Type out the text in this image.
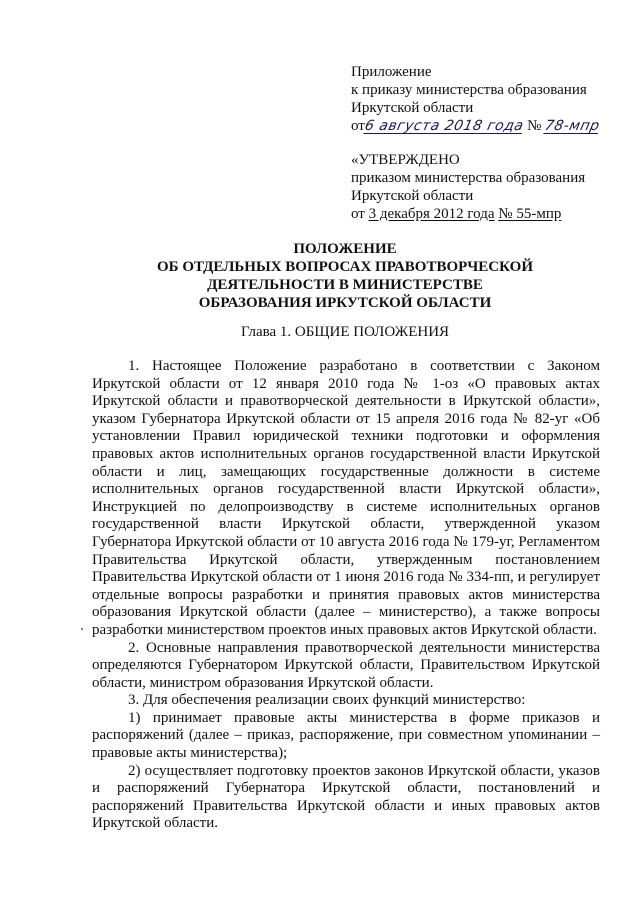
Приложение
к приказу министерства образования
Иркутской области
от6 августа 2018 года № 78-мпр
«УТВЕРЖДЕНО
приказом министерства образования
Иркутской области
от 3 декабря 2012 года № 55-мпр
ПОЛОЖЕНИЕ
ОБ ОТДЕЛЬНЫХ ВОПРОСАХ ПРАВОТВОРЧЕСКОЙ
ДЕЯТЕЛЬНОСТИ В МИНИСТЕРСТВЕ
ОБРАЗОВАНИЯ ИРКУТСКОЙ ОБЛАСТИ
Глава 1. ОБЩИЕ ПОЛОЖЕНИЯ

1. Настоящее Положение разработано в соответствии с Законом Иркутской области от 12 января 2010 года № 1-оз «О правовых актах Иркутской области и правотворческой деятельности в Иркутской области», указом Губернатора Иркутской области от 15 апреля 2016 года № 82-уг «Об установлении Правил юридической техники подготовки и оформления правовых актов исполнительных органов государственной власти Иркутской области и лиц, замещающих государственные должности в системе исполнительных органов государственной власти Иркутской области», Инструкцией по делопроизводству в системе исполнительных органов государственной власти Иркутской области, утвержденной указом Губернатора Иркутской области от 10 августа 2016 года № 179-уг, Регламентом Правительства Иркутской области, утвержденным постановлением Правительства Иркутской области от 1 июня 2016 года № 334-пп, и регулирует отдельные вопросы разработки и принятия правовых актов министерства образования Иркутской области (далее – министерство), а также вопросы разработки министерством проектов иных правовых актов Иркутской области.

2. Основные направления правотворческой деятельности министерства определяются Губернатором Иркутской области, Правительством Иркутской области, министром образования Иркутской области.

3. Для обеспечения реализации своих функций министерство:

1) принимает правовые акты министерства в форме приказов и распоряжений (далее – приказ, распоряжение, при совместном упоминании – правовые акты министерства);

2) осуществляет подготовку проектов законов Иркутской области, указов и распоряжений Губернатора Иркутской области, постановлений и распоряжений Правительства Иркутской области и иных правовых актов Иркутской области.
